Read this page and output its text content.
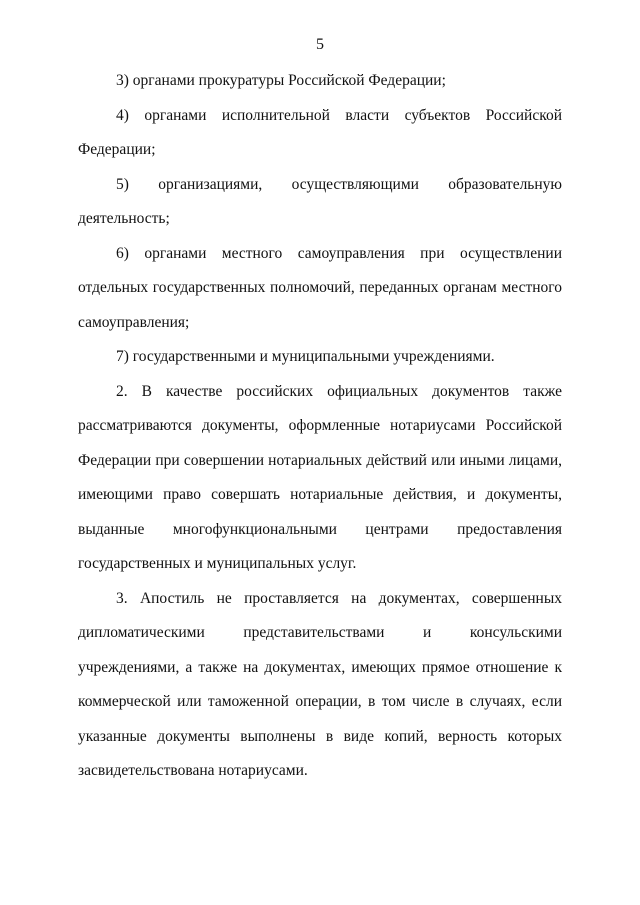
5

3) органами прокуратуры Российской Федерации;

4) органами исполнительной власти субъектов Российской Федерации;

5) организациями, осуществляющими образовательную деятельность;

6) органами местного самоуправления при осуществлении отдельных государственных полномочий, переданных органам местного самоуправления;

7) государственными и муниципальными учреждениями.

2. В качестве российских официальных документов также рассматриваются документы, оформленные нотариусами Российской Федерации при совершении нотариальных действий или иными лицами, имеющими право совершать нотариальные действия, и документы, выданные многофункциональными центрами предоставления государственных и муниципальных услуг.

3. Апостиль не проставляется на документах, совершенных дипломатическими представительствами и консульскими учреждениями, а также на документах, имеющих прямое отношение к коммерческой или таможенной операции, в том числе в случаях, если указанные документы выполнены в виде копий, верность которых засвидетельствована нотариусами.
